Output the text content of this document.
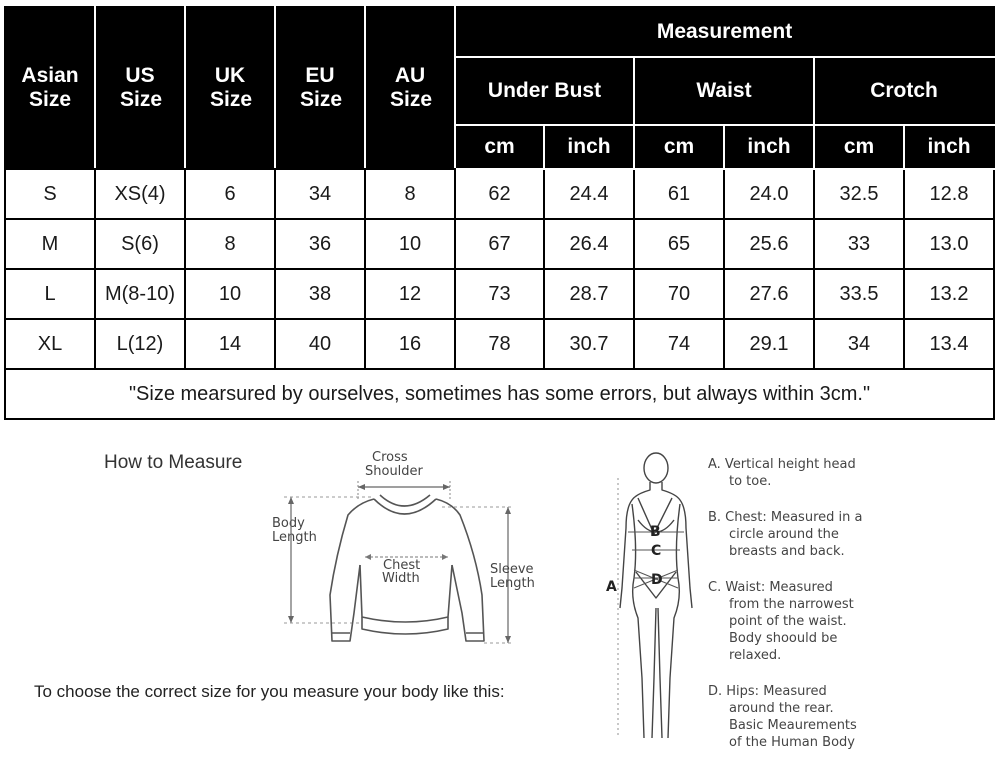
Asian Size	US Size	UK Size	EU Size	AU Size	Measurement					
					Under Bust		Waist		Crotch	
					cm	inch	cm	inch	cm	inch
S	XS(4)	6	34	8	62	24.4	61	24.0	32.5	12.8
M	S(6)	8	36	10	67	26.4	65	25.6	33	13.0
L	M(8-10)	10	38	12	73	28.7	70	27.6	33.5	13.2
XL	L(12)	14	40	16	78	30.7	74	29.1	34	13.4
"Size mearsured by ourselves, sometimes has some errors, but always within 3cm."										
How to Measure	Cross
Shoulder
Body
Length
Chest
Width
Sleeve
Length
To choose the correct size for you measure your body like this:
B
C
D
A
A. Vertical height head
to toe.
B. Chest: Measured in a
circle around the
breasts and back.
C. Waist: Measured
from the narrowest
point of the waist.
Body shoould be
relaxed.
D. Hips: Measured
around the rear.
Basic Meaurements
of the Human Body
